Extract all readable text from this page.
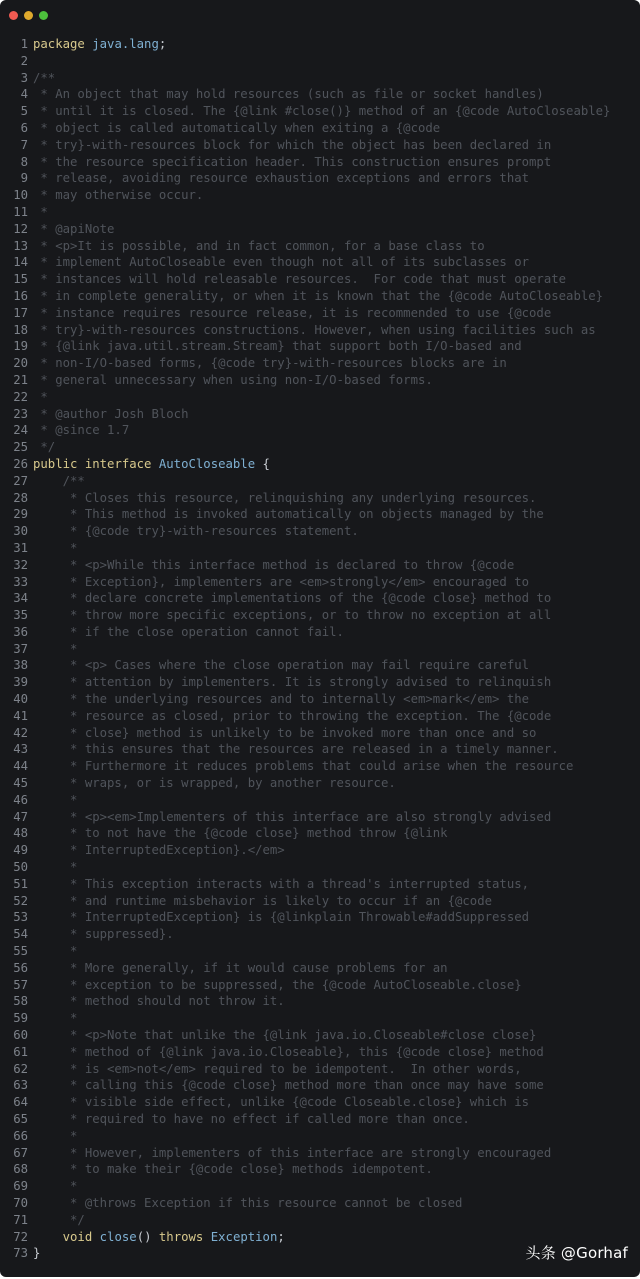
1 package java.lang;
2
3 /**
4 * An object that may hold resources (such as file or socket handles)
5 * until it is closed. The {@link #close()} method of an {@code AutoCloseable}
6 * object is called automatically when exiting a {@code
7 * try}-with-resources block for which the object has been declared in
8 * the resource specification header. This construction ensures prompt
9 * release, avoiding resource exhaustion exceptions and errors that
10 * may otherwise occur.
11 *
12 * @apiNote
13 * <p>It is possible, and in fact common, for a base class to
14 * implement AutoCloseable even though not all of its subclasses or
15 * instances will hold releasable resources.  For code that must operate
16 * in complete generality, or when it is known that the {@code AutoCloseable}
17 * instance requires resource release, it is recommended to use {@code
18 * try}-with-resources constructions. However, when using facilities such as
19 * {@link java.util.stream.Stream} that support both I/O-based and
20 * non-I/O-based forms, {@code try}-with-resources blocks are in
21 * general unnecessary when using non-I/O-based forms.
22 *
23 * @author Josh Bloch
24 * @since 1.7
25 */
26 public interface AutoCloseable {
27 /**
28 * Closes this resource, relinquishing any underlying resources.
29 * This method is invoked automatically on objects managed by the
30 * {@code try}-with-resources statement.
31 *
32 * <p>While this interface method is declared to throw {@code
33 * Exception}, implementers are <em>strongly</em> encouraged to
34 * declare concrete implementations of the {@code close} method to
35 * throw more specific exceptions, or to throw no exception at all
36 * if the close operation cannot fail.
37 *
38 * <p> Cases where the close operation may fail require careful
39 * attention by implementers. It is strongly advised to relinquish
40 * the underlying resources and to internally <em>mark</em> the
41 * resource as closed, prior to throwing the exception. The {@code
42 * close} method is unlikely to be invoked more than once and so
43 * this ensures that the resources are released in a timely manner.
44 * Furthermore it reduces problems that could arise when the resource
45 * wraps, or is wrapped, by another resource.
46 *
47 * <p><em>Implementers of this interface are also strongly advised
48 * to not have the {@code close} method throw {@link
49 * InterruptedException}.</em>
50 *
51 * This exception interacts with a thread's interrupted status,
52 * and runtime misbehavior is likely to occur if an {@code
53 * InterruptedException} is {@linkplain Throwable#addSuppressed
54 * suppressed}.
55 *
56 * More generally, if it would cause problems for an
57 * exception to be suppressed, the {@code AutoCloseable.close}
58 * method should not throw it.
59 *
60 * <p>Note that unlike the {@link java.io.Closeable#close close}
61 * method of {@link java.io.Closeable}, this {@code close} method
62 * is <em>not</em> required to be idempotent.  In other words,
63 * calling this {@code close} method more than once may have some
64 * visible side effect, unlike {@code Closeable.close} which is
65 * required to have no effect if called more than once.
66 *
67 * However, implementers of this interface are strongly encouraged
68 * to make their {@code close} methods idempotent.
69 *
70 * @throws Exception if this resource cannot be closed
71 */
72	void close() throws Exception;
73 }	头条 @Gorhaf
